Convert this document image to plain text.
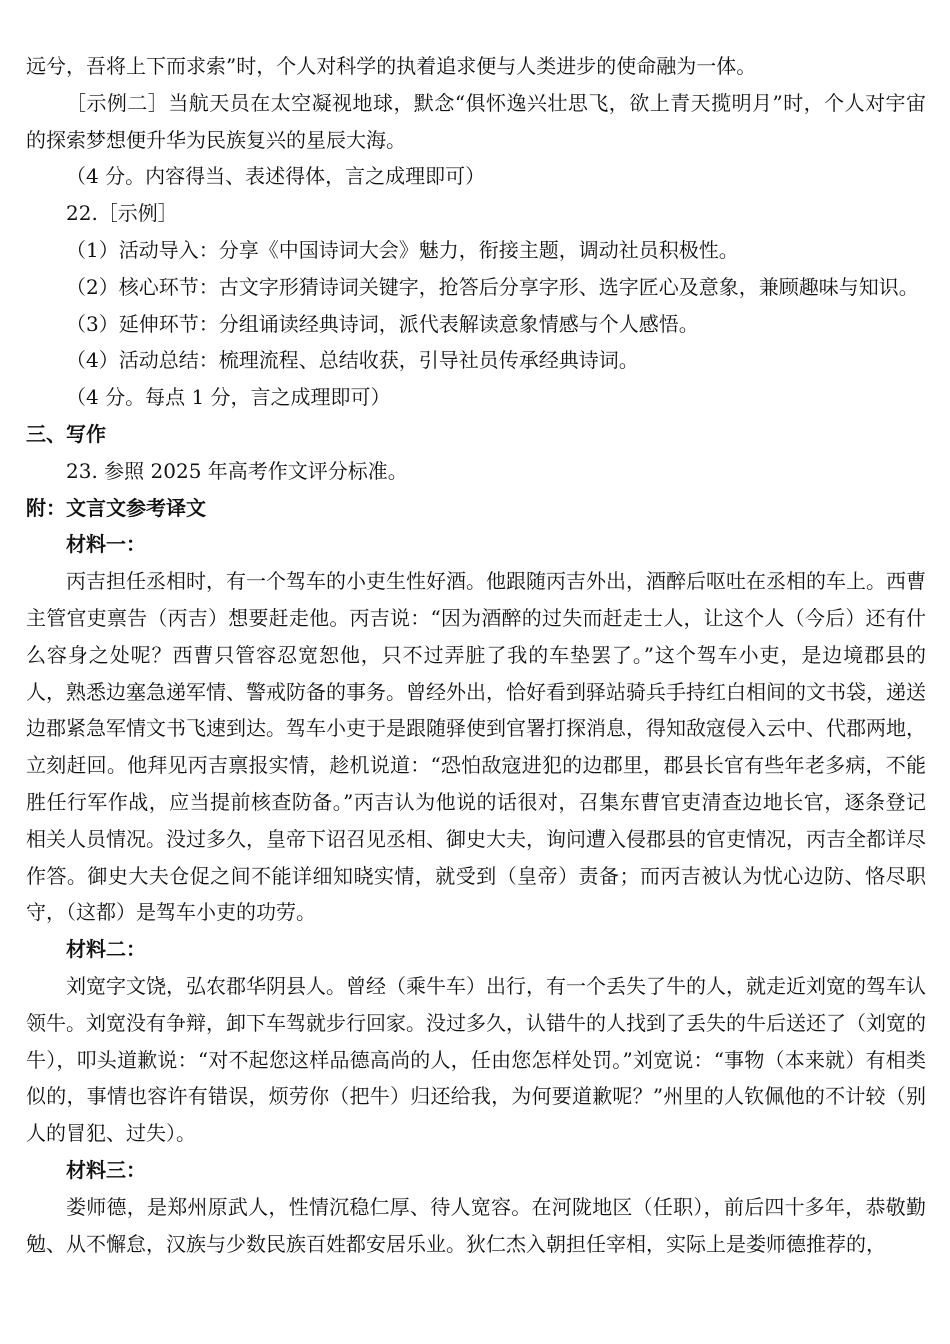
远兮，吾将上下而求索”时，个人对科学的执着追求便与人类进步的使命融为一体。

［示例二］当航天员在太空凝视地球，默念“俱怀逸兴壮思飞，欲上青天揽明月”时，个人对宇宙的探索梦想便升华为民族复兴的星辰大海。

（4 分。内容得当、表述得体，言之成理即可）

22.［示例］

（1）活动导入：分享《中国诗词大会》魅力，衔接主题，调动社员积极性。

（2）核心环节：古文字形猜诗词关键字，抢答后分享字形、选字匠心及意象，兼顾趣味与知识。

（3）延伸环节：分组诵读经典诗词，派代表解读意象情感与个人感悟。

（4）活动总结：梳理流程、总结收获，引导社员传承经典诗词。

（4 分。每点 1 分，言之成理即可）

三、写作

23. 参照 2025 年高考作文评分标准。

附：文言文参考译文

材料一：

丙吉担任丞相时，有一个驾车的小吏生性好酒。他跟随丙吉外出，酒醉后呕吐在丞相的车上。西曹主管官吏禀告（丙吉）想要赶走他。丙吉说：“因为酒醉的过失而赶走士人，让这个人（今后）还有什么容身之处呢？西曹只管容忍宽恕他，只不过弄脏了我的车垫罢了。”这个驾车小吏，是边境郡县的人，熟悉边塞急递军情、警戒防备的事务。曾经外出，恰好看到驿站骑兵手持红白相间的文书袋，递送边郡紧急军情文书飞速到达。驾车小吏于是跟随驿使到官署打探消息，得知敌寇侵入云中、代郡两地，立刻赶回。他拜见丙吉禀报实情，趁机说道：“恐怕敌寇进犯的边郡里，郡县长官有些年老多病，不能胜任行军作战，应当提前核查防备。”丙吉认为他说的话很对，召集东曹官吏清查边地长官，逐条登记相关人员情况。没过多久，皇帝下诏召见丞相、御史大夫，询问遭入侵郡县的官吏情况，丙吉全都详尽作答。御史大夫仓促之间不能详细知晓实情，就受到（皇帝）责备；而丙吉被认为忧心边防、恪尽职守，（这都）是驾车小吏的功劳。

材料二：

刘宽字文饶，弘农郡华阴县人。曾经（乘牛车）出行，有一个丢失了牛的人，就走近刘宽的驾车认领牛。刘宽没有争辩，卸下车驾就步行回家。没过多久，认错牛的人找到了丢失的牛后送还了（刘宽的牛），叩头道歉说：“对不起您这样品德高尚的人，任由您怎样处罚。”刘宽说：“事物（本来就）有相类似的，事情也容许有错误，烦劳你（把牛）归还给我，为何要道歉呢？”州里的人钦佩他的不计较（别人的冒犯、过失）。

材料三：

娄师德，是郑州原武人，性情沉稳仁厚、待人宽容。在河陇地区（任职），前后四十多年，恭敬勤勉、从不懈怠，汉族与少数民族百姓都安居乐业。狄仁杰入朝担任宰相，实际上是娄师德推荐的，
